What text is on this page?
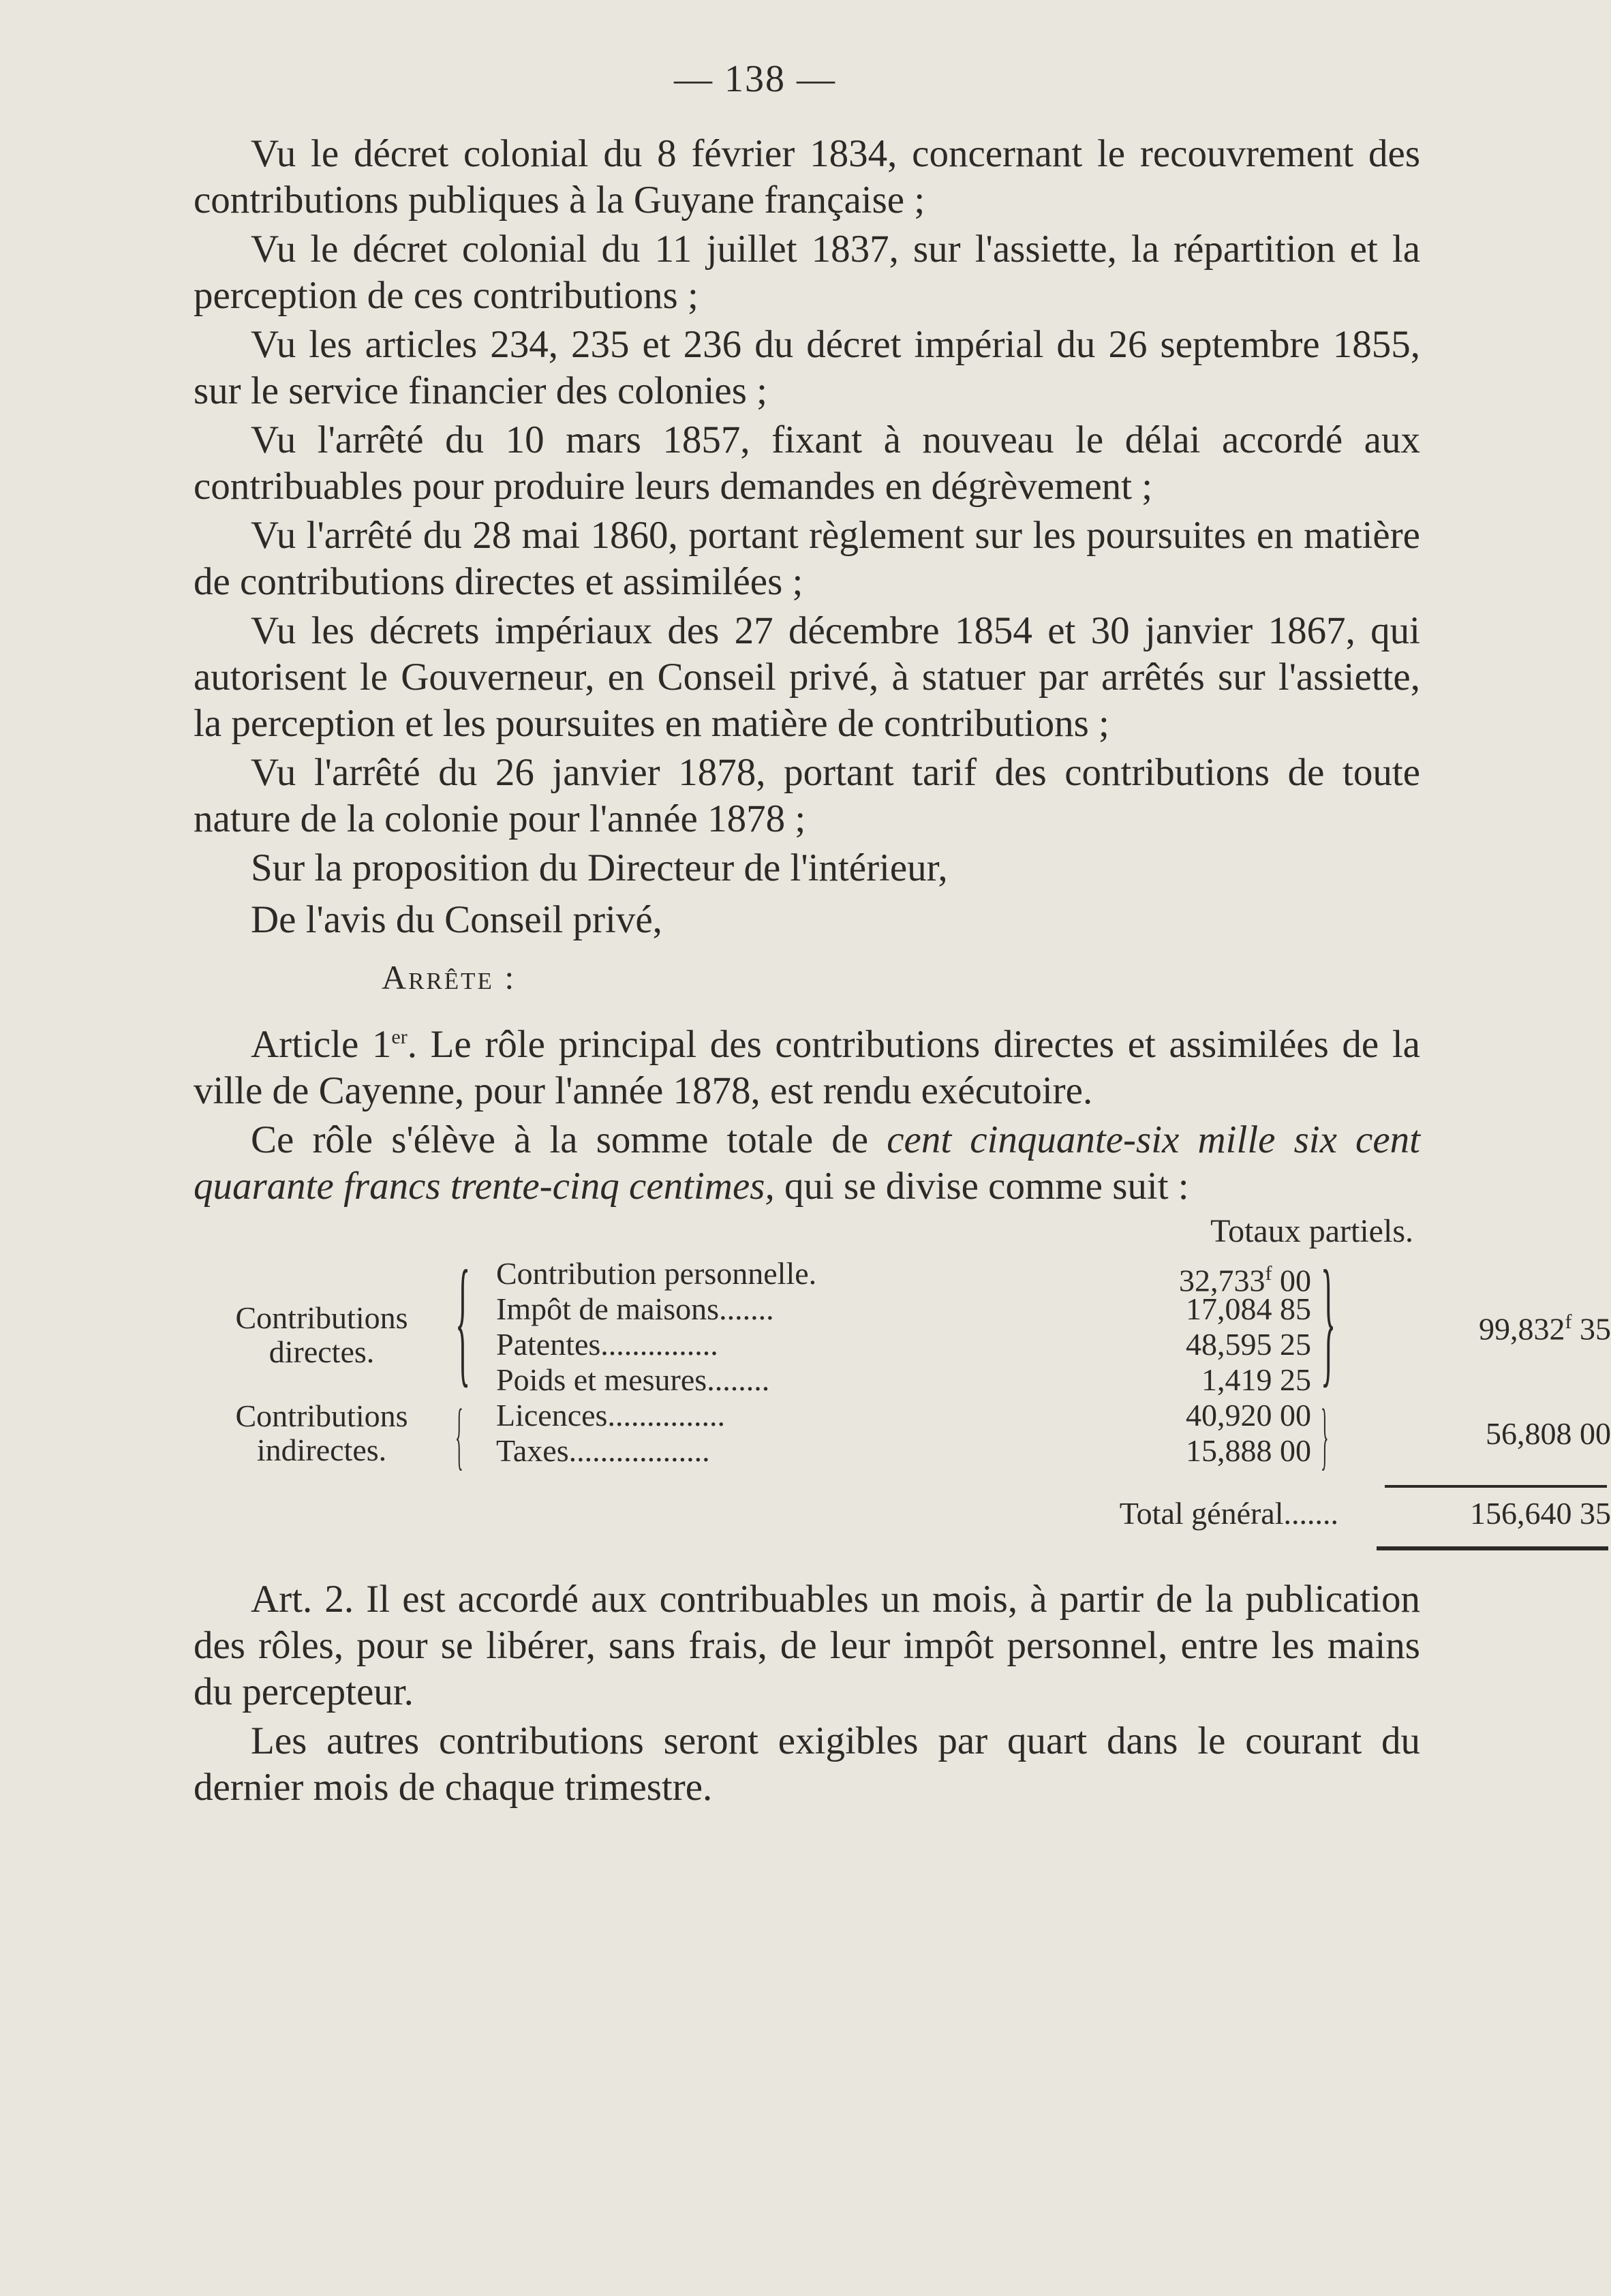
— 138 —

Vu le décret colonial du 8 février 1834, concernant le recouvrement des contributions publiques à la Guyane française ;

Vu le décret colonial du 11 juillet 1837, sur l'assiette, la répartition et la perception de ces contributions ;

Vu les articles 234, 235 et 236 du décret impérial du 26 septembre 1855, sur le service financier des colonies ;

Vu l'arrêté du 10 mars 1857, fixant à nouveau le délai accordé aux contribuables pour produire leurs demandes en dégrèvement ;

Vu l'arrêté du 28 mai 1860, portant règlement sur les poursuites en matière de contributions directes et assimilées ;

Vu les décrets impériaux des 27 décembre 1854 et 30 janvier 1867, qui autorisent le Gouverneur, en Conseil privé, à statuer par arrêtés sur l'assiette, la perception et les poursuites en matière de contributions ;

Vu l'arrêté du 26 janvier 1878, portant tarif des contributions de toute nature de la colonie pour l'année 1878 ;

Sur la proposition du Directeur de l'intérieur,

De l'avis du Conseil privé,

Arrête :

Article 1er. Le rôle principal des contributions directes et assimilées de la ville de Cayenne, pour l'année 1878, est rendu exécutoire.

Ce rôle s'élève à la somme totale de cent cinquante-six mille six cent quarante francs trente-cinq centimes, qui se divise comme suit :

Totaux partiels.
Contributions directes. { Contribution personnelle.	32,733$^f$ 00
Impôt de maisons.......	17,084 85
Patentes...............	48,595 25
Poids et mesures........	1,419 25 }	99,832$^f$ 35
Contributions indirectes. { Licences...............	40,920 00
Taxes..................	15,888 00 }	56,808 00
Total général.......	156,640 35

Art. 2. Il est accordé aux contribuables un mois, à partir de la publication des rôles, pour se libérer, sans frais, de leur impôt personnel, entre les mains du percepteur.

Les autres contributions seront exigibles par quart dans le courant du dernier mois de chaque trimestre.
